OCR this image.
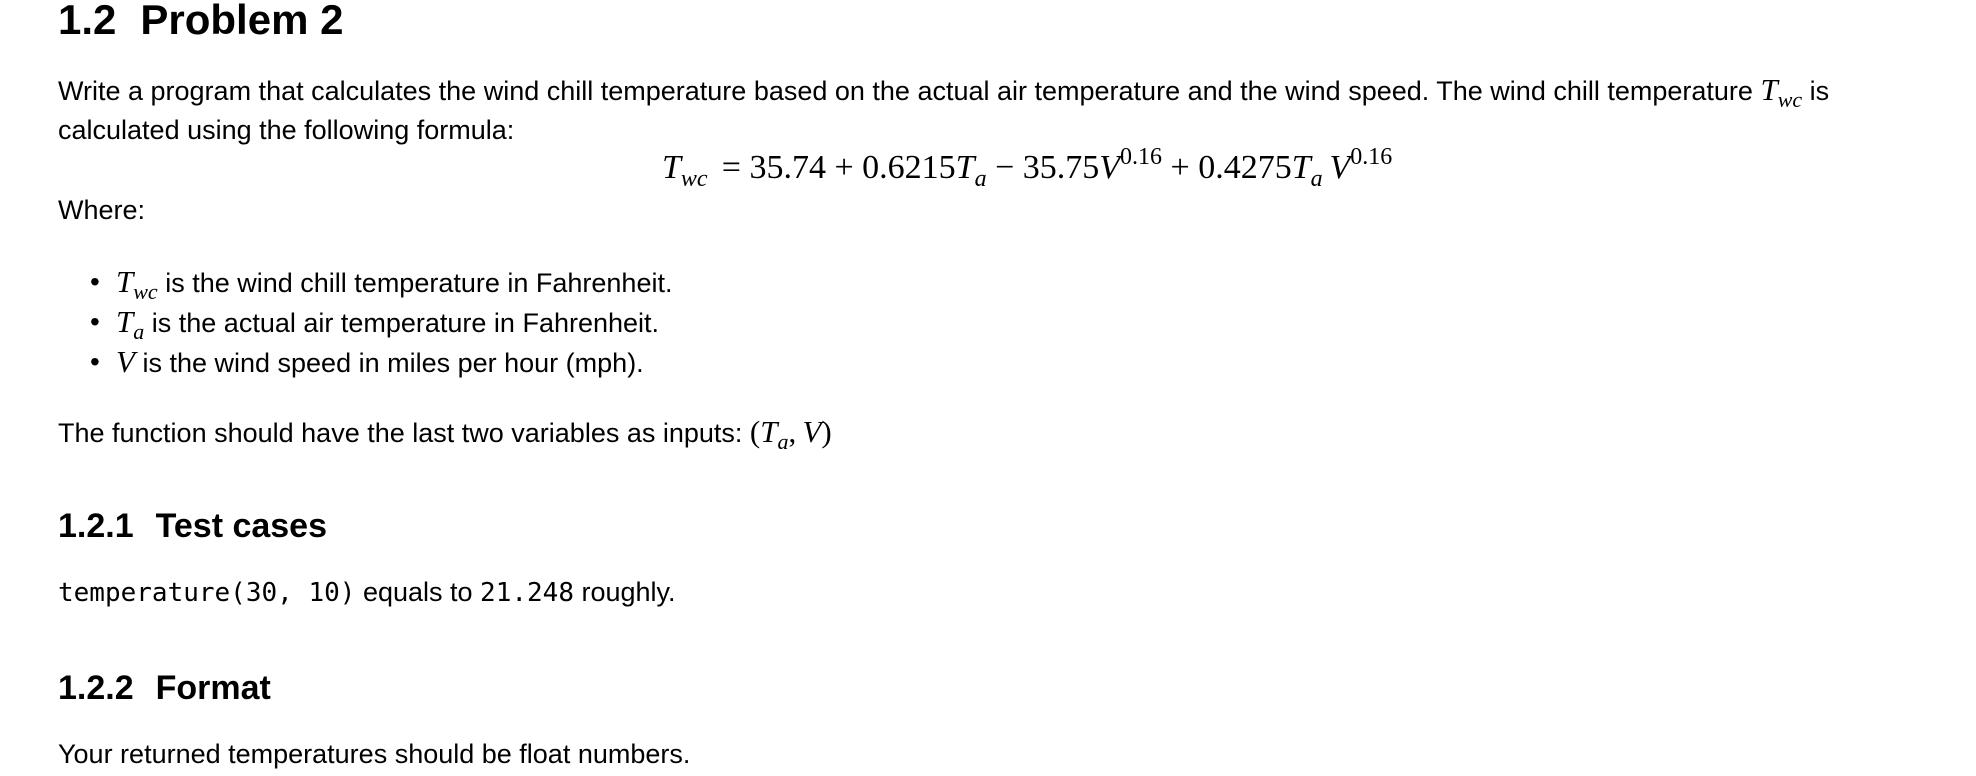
1.2 Problem 2
Write a program that calculates the wind chill temperature based on the actual air temperature and the wind speed. The wind chill temperature $T_{wc}$ is
calculated using the following formula:
$T_{wc}$   = $35.74 + 0.6215T_a - 35.75V^{0.16} + 0.4275T_a$  $V^{0.16}$
Where:
• $T_{wc}$ is the wind chill temperature in Fahrenheit.
• $T_a$ is the actual air temperature in Fahrenheit.
• V is the wind speed in miles per hour (mph).
The function should have the last two variables as inputs: ($T_a$,  V)
1.2.1 Test cases
temperature(30, 10) equals to 21.248 roughly.
1.2.2 Format
Your returned temperatures should be float numbers.
